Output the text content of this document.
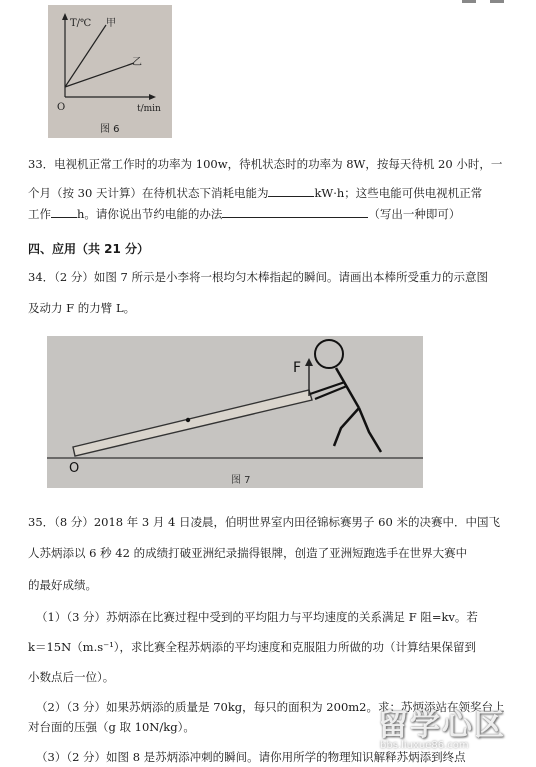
T/℃ 甲
乙
O	t/min
图 6
33．电视机正常工作时的功率为 100w，待机状态时的功率为 8W，按每天待机 20 小时，一
个月（按 30 天计算）在待机状态下消耗电能为	kW·h；这些电能可供电视机正常
工作 h。请你说出节约电能的办法	（写出一种即可）
四、应用（共 21 分）
34．（2 分）如图 7 所示是小李将一根均匀木棒指起的瞬间。请画出本棒所受重力的示意图
及动力 F 的力臂 L。
F
O
图 7
35．（8 分）2018 年 3 月 4 日凌晨，伯明世界室内田径锦标赛男子 60 米的决赛中．中国飞
人苏炳添以 6 秒 42 的成绩打破亚洲纪录揣得银牌，创造了亚洲短跑选手在世界大赛中
的最好成绩。
（1）（3 分）苏炳添在比赛过程中受到的平均阻力与平均速度的关系满足 F 阻=kv。若
k＝15N（m.s⁻¹），求比赛全程苏炳添的平均速度和克服阻力所做的功（计算结果保留到
小数点后一位）。
（2）（3 分）如果苏炳添的质量是 70kg，每只的面积为 200m2。求：苏炳添站在领奖台上
对台面的压强（g 取 10N/kg）。
（3）（2 分）如图 8 是苏炳添冲刺的瞬间。请你用所学的物理知识解释苏炳添到终点
留学心区
bbs.liuxue86.com
